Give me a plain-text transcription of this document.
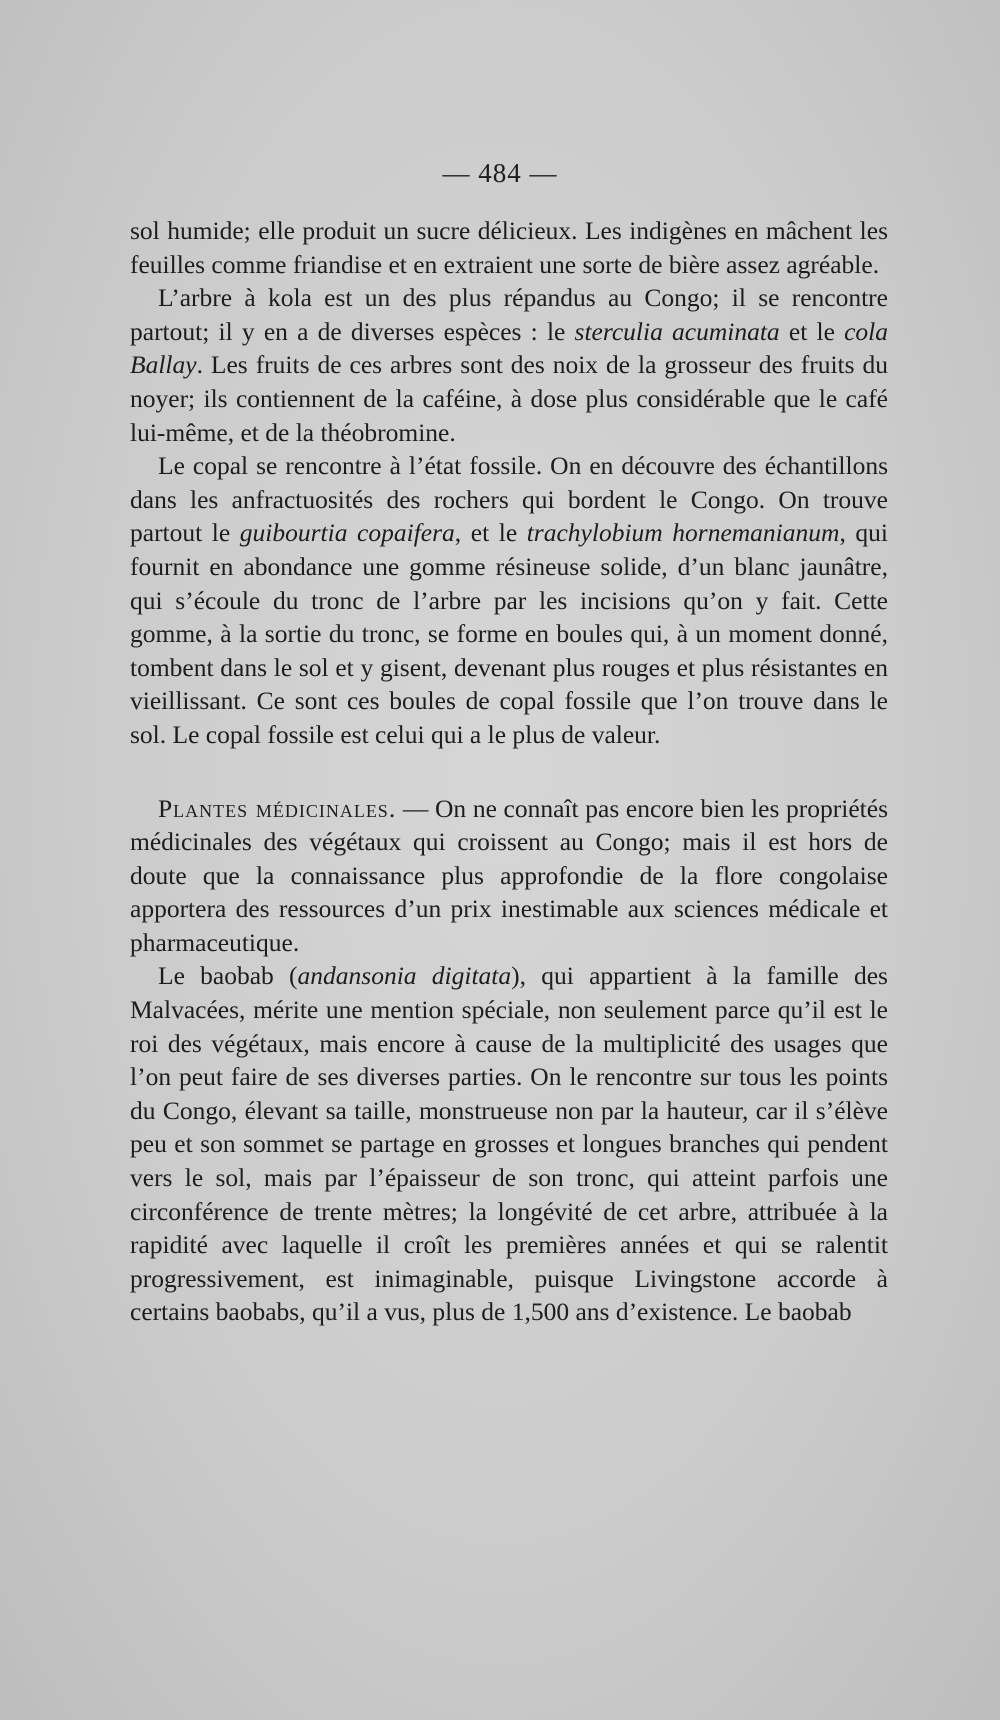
— 484 —

sol humide; elle produit un sucre délicieux. Les indigènes en mâchent les feuilles comme friandise et en extraient une sorte de bière assez agréable.

L’arbre à kola est un des plus répandus au Congo; il se rencontre partout; il y en a de diverses espèces : le sterculia acuminata et le cola Ballay. Les fruits de ces arbres sont des noix de la grosseur des fruits du noyer; ils contiennent de la caféine, à dose plus considérable que le café lui-même, et de la théobromine.

Le copal se rencontre à l’état fossile. On en découvre des échantillons dans les anfractuosités des rochers qui bordent le Congo. On trouve partout le guibourtia copaifera, et le trachylobium hornemanianum, qui fournit en abondance une gomme résineuse solide, d’un blanc jaunâtre, qui s’écoule du tronc de l’arbre par les incisions qu’on y fait. Cette gomme, à la sortie du tronc, se forme en boules qui, à un moment donné, tombent dans le sol et y gisent, devenant plus rouges et plus résistantes en vieillissant. Ce sont ces boules de copal fossile que l’on trouve dans le sol. Le copal fossile est celui qui a le plus de valeur.

Plantes médicinales. — On ne connaît pas encore bien les propriétés médicinales des végétaux qui croissent au Congo; mais il est hors de doute que la connaissance plus approfondie de la flore congolaise apportera des ressources d’un prix inestimable aux sciences médicale et pharmaceutique.

Le baobab (andansonia digitata), qui appartient à la famille des Malvacées, mérite une mention spéciale, non seulement parce qu’il est le roi des végétaux, mais encore à cause de la multiplicité des usages que l’on peut faire de ses diverses parties. On le rencontre sur tous les points du Congo, élevant sa taille, monstrueuse non par la hauteur, car il s’élève peu et son sommet se partage en grosses et longues branches qui pendent vers le sol, mais par l’épaisseur de son tronc, qui atteint parfois une circonférence de trente mètres; la longévité de cet arbre, attribuée à la rapidité avec laquelle il croît les premières années et qui se ralentit progressivement, est inimaginable, puisque Livingstone accorde à certains baobabs, qu’il a vus, plus de 1,500 ans d’existence. Le baobab
